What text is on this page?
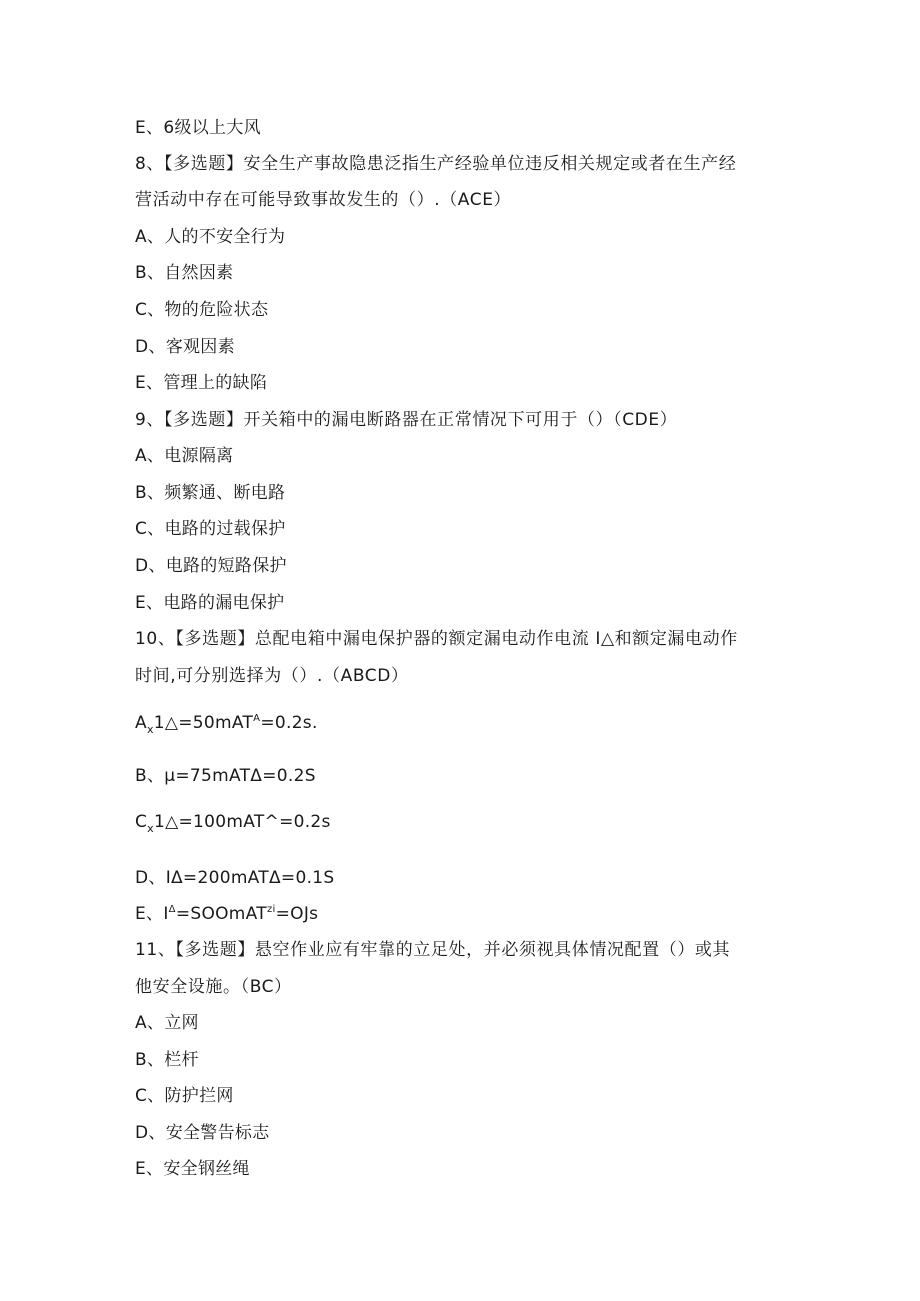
E、6级以上大风
8、【多选题】安全生产事故隐患泛指生产经验单位违反相关规定或者在生产经
营活动中存在可能导致事故发生的（）.（ACE）
A、人的不安全行为
B、自然因素
C、物的危险状态
D、客观因素
E、管理上的缺陷
9、【多选题】开关箱中的漏电断路器在正常情况下可用于（）（CDE）
A、电源隔离
B、频繁通、断电路
C、电路的过载保护
D、电路的短路保护
E、电路的漏电保护
10、【多选题】总配电箱中漏电保护器的额定漏电动作电流 I△和额定漏电动作
时间,可分别选择为（）.（ABCD）
$A_x1\triangle=50mAT^A=0.2s$.
B、μ=75mATΔ=0.2S
$C_x1\triangle=100mAT\^{}=0.2s$
D、IΔ=200mATΔ=0.1S
E、$I^\Delta=SOOmAT^{zi}=OJs$
11、【多选题】悬空作业应有牢靠的立足处，并必须视具体情况配置（）或其
他安全设施。（BC）
A、立网
B、栏杆
C、防护拦网
D、安全警告标志
E、安全钢丝绳
